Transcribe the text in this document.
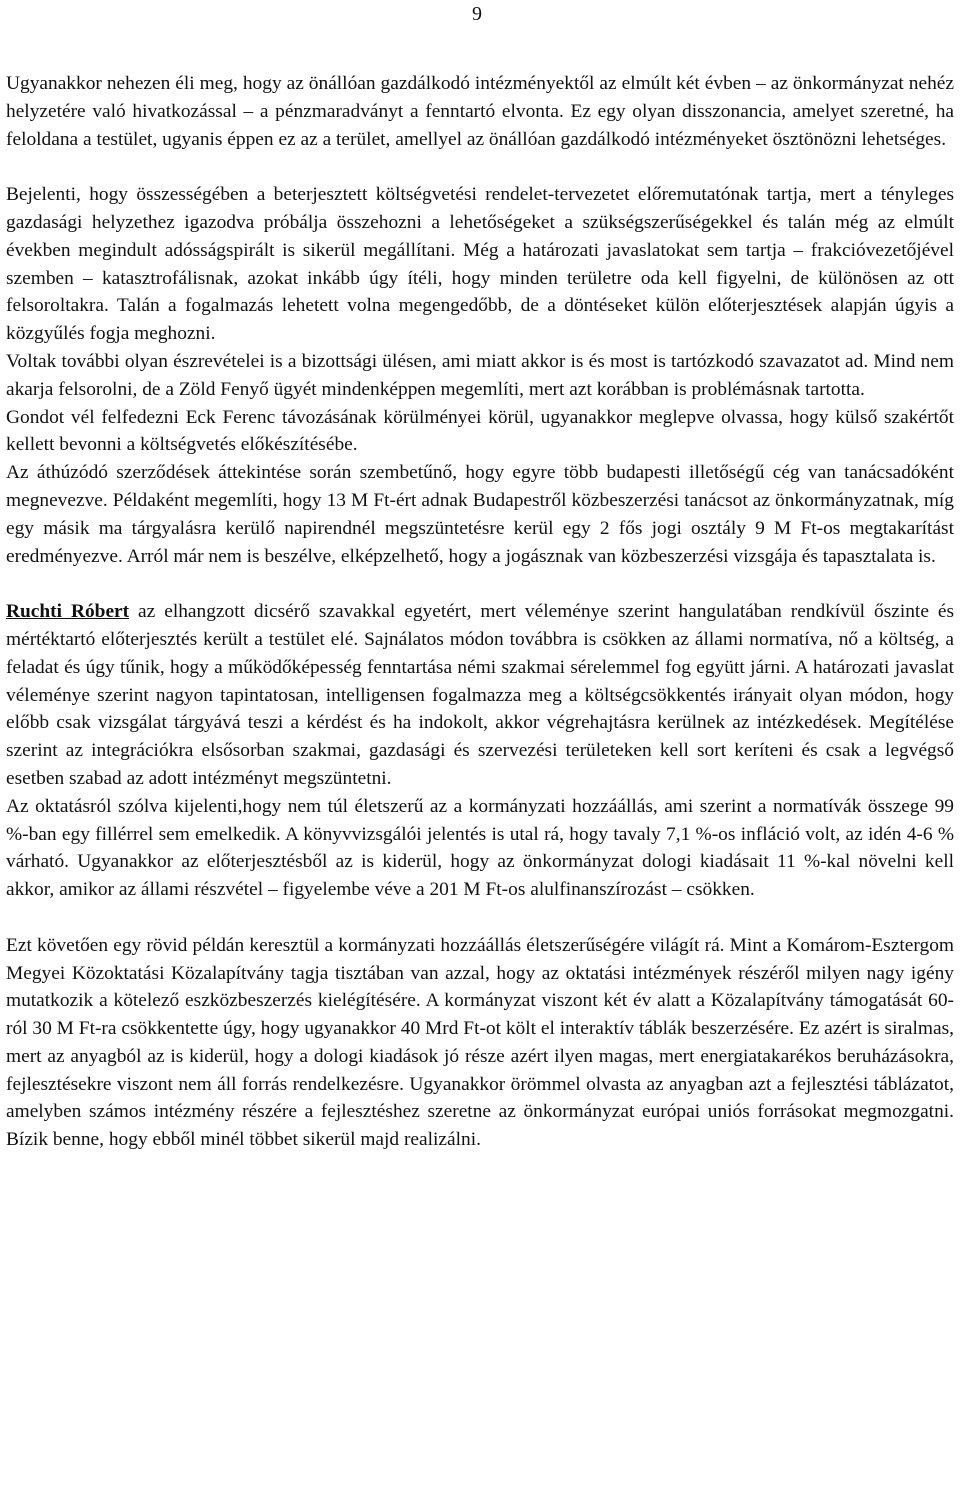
9

Ugyanakkor nehezen éli meg, hogy az önállóan gazdálkodó intézményektől az elmúlt két évben – az önkormányzat nehéz helyzetére való hivatkozással – a pénzmaradványt a fenntartó elvonta. Ez egy olyan disszonancia, amelyet szeretné, ha feloldana a testület, ugyanis éppen ez az a terület, amellyel az önállóan gazdálkodó intézményeket ösztönözni lehetséges.

Bejelenti, hogy összességében a beterjesztett költségvetési rendelet-tervezetet előremutatónak tartja, mert a tényleges gazdasági helyzethez igazodva próbálja összehozni a lehetőségeket a szükségszerűségekkel és talán még az elmúlt években megindult adósságspirált is sikerül megállítani. Még a határozati javaslatokat sem tartja – frakcióvezetőjével szemben – katasztrofálisnak, azokat inkább úgy ítéli, hogy minden területre oda kell figyelni, de különösen az ott felsoroltakra. Talán a fogalmazás lehetett volna megengedőbb, de a döntéseket külön előterjesztések alapján úgyis a közgyűlés fogja meghozni.

Voltak további olyan észrevételei is a bizottsági ülésen, ami miatt akkor is és most is tartózkodó szavazatot ad. Mind nem akarja felsorolni, de a Zöld Fenyő ügyét mindenképpen megemlíti, mert azt korábban is problémásnak tartotta.

Gondot vél felfedezni Eck Ferenc távozásának körülményei körül, ugyanakkor meglepve olvassa, hogy külső szakértőt kellett bevonni a költségvetés előkészítésébe.

Az áthúzódó szerződések áttekintése során szembetűnő, hogy egyre több budapesti illetőségű cég van tanácsadóként megnevezve. Példaként megemlíti, hogy 13 M Ft-ért adnak Budapestről közbeszerzési tanácsot az önkormányzatnak, míg egy másik ma tárgyalásra kerülő napirendnél megszüntetésre kerül egy 2 fős jogi osztály 9 M Ft-os megtakarítást eredményezve. Arról már nem is beszélve, elképzelhető, hogy a jogásznak van közbeszerzési vizsgája és tapasztalata is.

Ruchti Róbert az elhangzott dicsérő szavakkal egyetért, mert véleménye szerint hangulatában rendkívül őszinte és mértéktartó előterjesztés került a testület elé. Sajnálatos módon továbbra is csökken az állami normatíva, nő a költség, a feladat és úgy tűnik, hogy a működőképesség fenntartása némi szakmai sérelemmel fog együtt járni. A határozati javaslat véleménye szerint nagyon tapintatosan, intelligensen fogalmazza meg a költségcsökkentés irányait olyan módon, hogy előbb csak vizsgálat tárgyává teszi a kérdést és ha indokolt, akkor végrehajtásra kerülnek az intézkedések. Megítélése szerint az integrációkra elsősorban szakmai, gazdasági és szervezési területeken kell sort keríteni és csak a legvégső esetben szabad az adott intézményt megszüntetni.

Az oktatásról szólva kijelenti,hogy nem túl életszerű az a kormányzati hozzáállás, ami szerint a normatívák összege 99 %-ban egy fillérrel sem emelkedik. A könyvvizsgálói jelentés is utal rá, hogy tavaly 7,1 %-os infláció volt, az idén 4-6 % várható. Ugyanakkor az előterjesztésből az is kiderül, hogy az önkormányzat dologi kiadásait 11 %-kal növelni kell akkor, amikor az állami részvétel – figyelembe véve a 201 M Ft-os alulfinanszírozást – csökken.

Ezt követően egy rövid példán keresztül a kormányzati hozzáállás életszerűségére világít rá. Mint a Komárom-Esztergom Megyei Közoktatási Közalapítvány tagja tisztában van azzal, hogy az oktatási intézmények részéről milyen nagy igény mutatkozik a kötelező eszközbeszerzés kielégítésére. A kormányzat viszont két év alatt a Közalapítvány támogatását 60-ról 30 M Ft-ra csökkentette úgy, hogy ugyanakkor 40 Mrd Ft-ot költ el interaktív táblák beszerzésére. Ez azért is siralmas, mert az anyagból az is kiderül, hogy a dologi kiadások jó része azért ilyen magas, mert energiatakarékos beruházásokra, fejlesztésekre viszont nem áll forrás rendelkezésre. Ugyanakkor örömmel olvasta az anyagban azt a fejlesztési táblázatot, amelyben számos intézmény részére a fejlesztéshez szeretne az önkormányzat európai uniós forrásokat megmozgatni. Bízik benne, hogy ebből minél többet sikerül majd realizálni.
